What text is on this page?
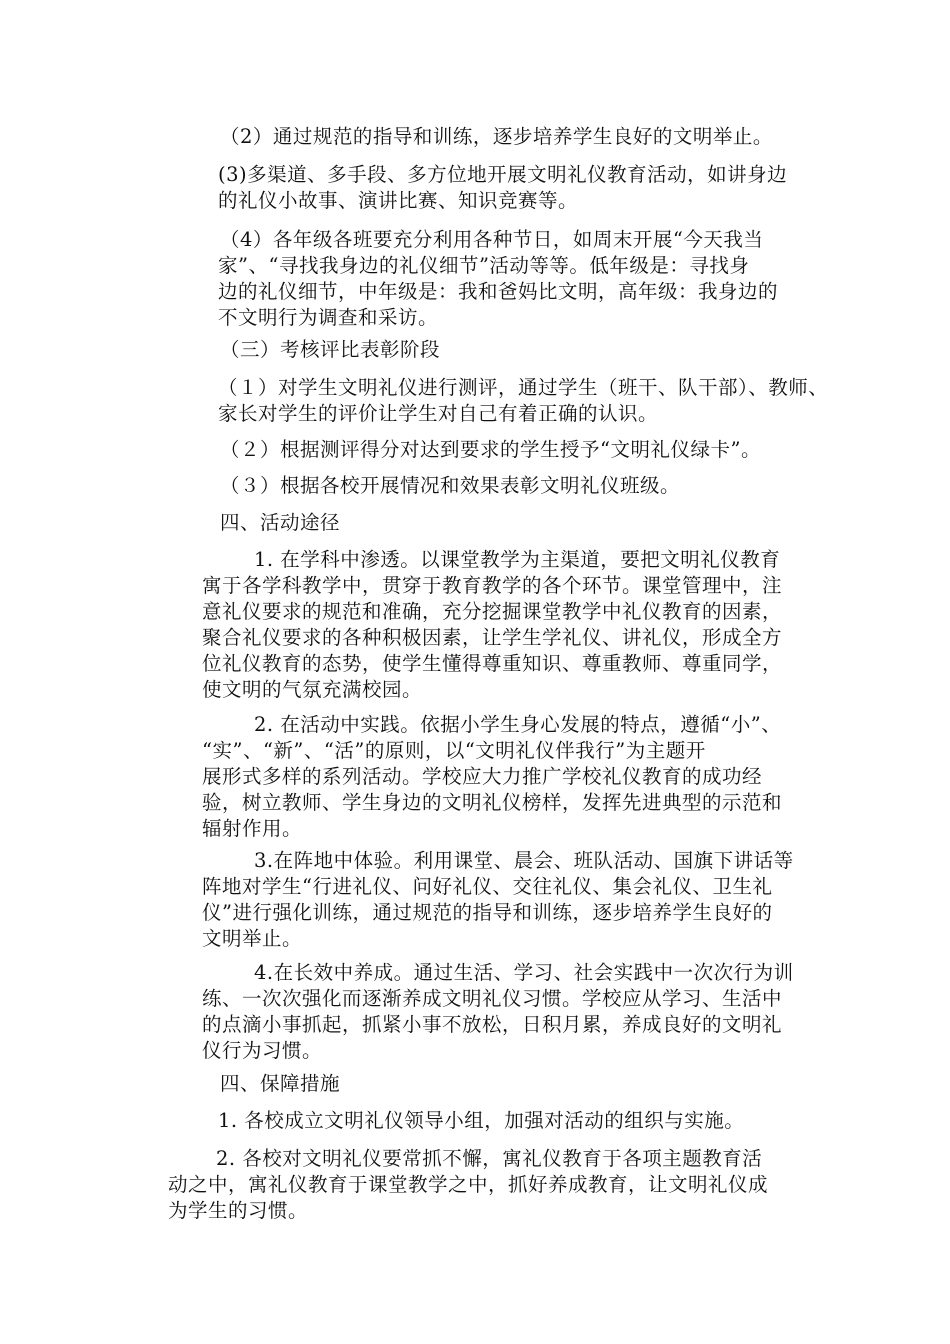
（2）通过规范的指导和训练，逐步培养学生良好的文明举止。
(3)多渠道、多手段、多方位地开展文明礼仪教育活动，如讲身边
的礼仪小故事、演讲比赛、知识竞赛等。
（4）各年级各班要充分利用各种节日，如周末开展“今天我当
家”、“寻找我身边的礼仪细节”活动等等。低年级是：寻找身
边的礼仪细节，中年级是：我和爸妈比文明，高年级：我身边的
不文明行为调查和采访。
（三）考核评比表彰阶段
（１）对学生文明礼仪进行测评，通过学生（班干、队干部）、教师、
家长对学生的评价让学生对自己有着正确的认识。
（２）根据测评得分对达到要求的学生授予“文明礼仪绿卡”。
（３）根据各校开展情况和效果表彰文明礼仪班级。
四、活动途径
1. 在学科中渗透。以课堂教学为主渠道，要把文明礼仪教育
寓于各学科教学中，贯穿于教育教学的各个环节。课堂管理中，注
意礼仪要求的规范和准确，充分挖掘课堂教学中礼仪教育的因素，
聚合礼仪要求的各种积极因素，让学生学礼仪、讲礼仪，形成全方
位礼仪教育的态势，使学生懂得尊重知识、尊重教师、尊重同学，
使文明的气氛充满校园。
2. 在活动中实践。依据小学生身心发展的特点，遵循“小”、
“实”、“新”、“活”的原则，以“文明礼仪伴我行”为主题开
展形式多样的系列活动。学校应大力推广学校礼仪教育的成功经
验，树立教师、学生身边的文明礼仪榜样，发挥先进典型的示范和
辐射作用。
3.在阵地中体验。利用课堂、晨会、班队活动、国旗下讲话等
阵地对学生“行进礼仪、问好礼仪、交往礼仪、集会礼仪、卫生礼
仪”进行强化训练，通过规范的指导和训练，逐步培养学生良好的
文明举止。
4.在长效中养成。通过生活、学习、社会实践中一次次行为训
练、一次次强化而逐渐养成文明礼仪习惯。学校应从学习、生活中
的点滴小事抓起，抓紧小事不放松，日积月累，养成良好的文明礼
仪行为习惯。
四、保障措施
1. 各校成立文明礼仪领导小组，加强对活动的组织与实施。
2. 各校对文明礼仪要常抓不懈，寓礼仪教育于各项主题教育活
动之中，寓礼仪教育于课堂教学之中，抓好养成教育，让文明礼仪成
为学生的习惯。
